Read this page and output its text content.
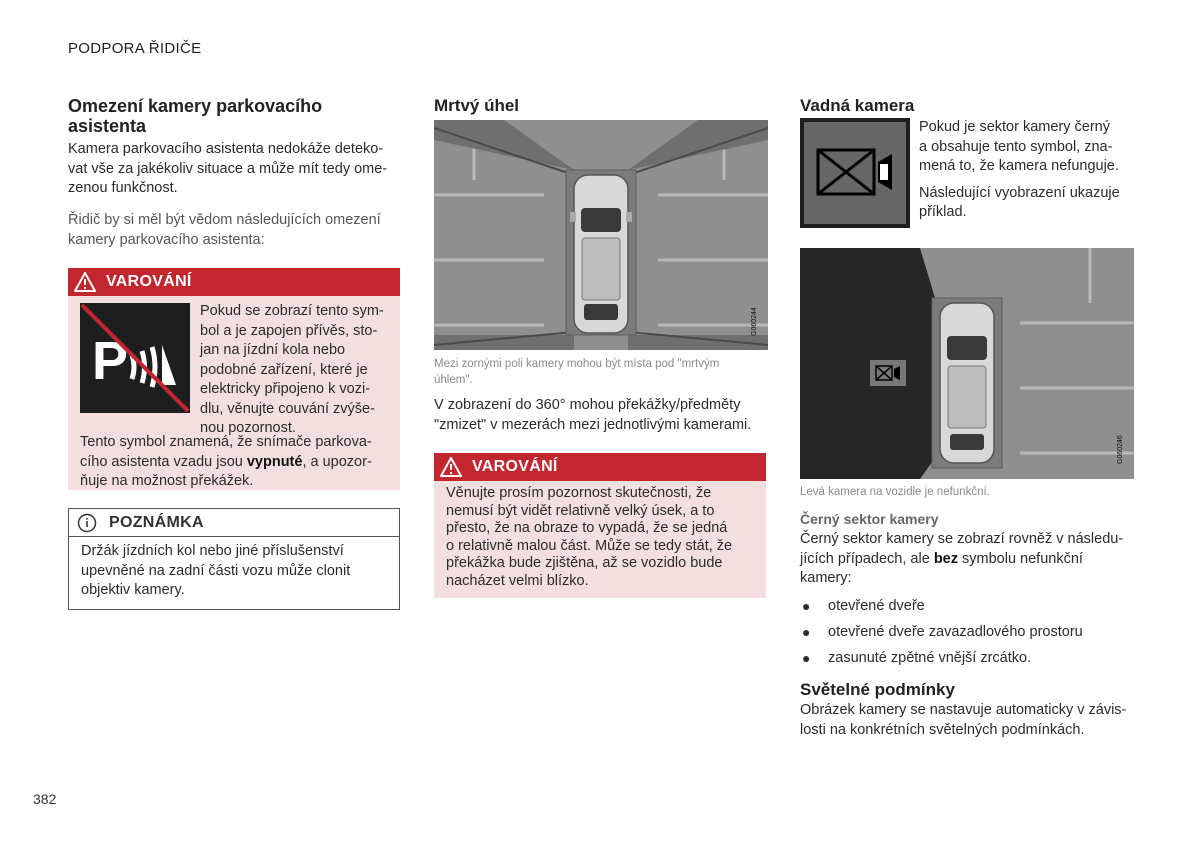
PODPORA ŘIDIČE
382
Omezení kamery parkovacího
asistenta

Kamera parkovacího asistenta nedokáže deteko-

vat vše za jakékoliv situace a může mít tedy ome-

zenou funkčnost.

Řidič by si měl být vědom následujících omezení

kamery parkovacího asistenta:

VAROVÁNÍ
P

Pokud se zobrazí tento sym-

bol a je zapojen přívěs, sto-

jan na jízdní kola nebo

podobné zařízení, které je

elektricky připojeno k vozi-

dlu, věnujte couvání zvýše-

nou pozornost.

Tento symbol znamená, že snímače parkova-

cího asistenta vzadu jsou vypnuté, a upozor-

ňuje na možnost překážek.

POZNÁMKA

Držák jízdních kol nebo jiné příslušenství

upevněné na zadní části vozu může clonit

objektiv kamery.

Mrtvý úhel
G060244
Mezi zornými poli kamery mohou být místa pod "mrtvým
úhlem".

V zobrazení do 360° mohou překážky/předměty

"zmizet" v mezerách mezi jednotlivými kamerami.

VAROVÁNÍ

Věnujte prosím pozornost skutečnosti, že

nemusí být vidět relativně velký úsek, a to

přesto, že na obraze to vypadá, že se jedná

o relativně malou část. Může se tedy stát, že

překážka bude zjištěna, až se vozidlo bude

nacházet velmi blízko.

Vadná kamera

Pokud je sektor kamery černý

a obsahuje tento symbol, zna-

mená to, že kamera nefunguje.

Následující vyobrazení ukazuje

příklad.

G060246
Levá kamera na vozidle je nefunkční.
Černý sektor kamery

Černý sektor kamery se zobrazí rovněž v následu-

jících případech, ale bez symbolu nefunkční

kamery:

● otevřené dveře
● otevřené dveře zavazadlového prostoru
● zasunuté zpětné vnější zrcátko.
Světelné podmínky

Obrázek kamery se nastavuje automaticky v závis-

losti na konkrétních světelných podmínkách.
